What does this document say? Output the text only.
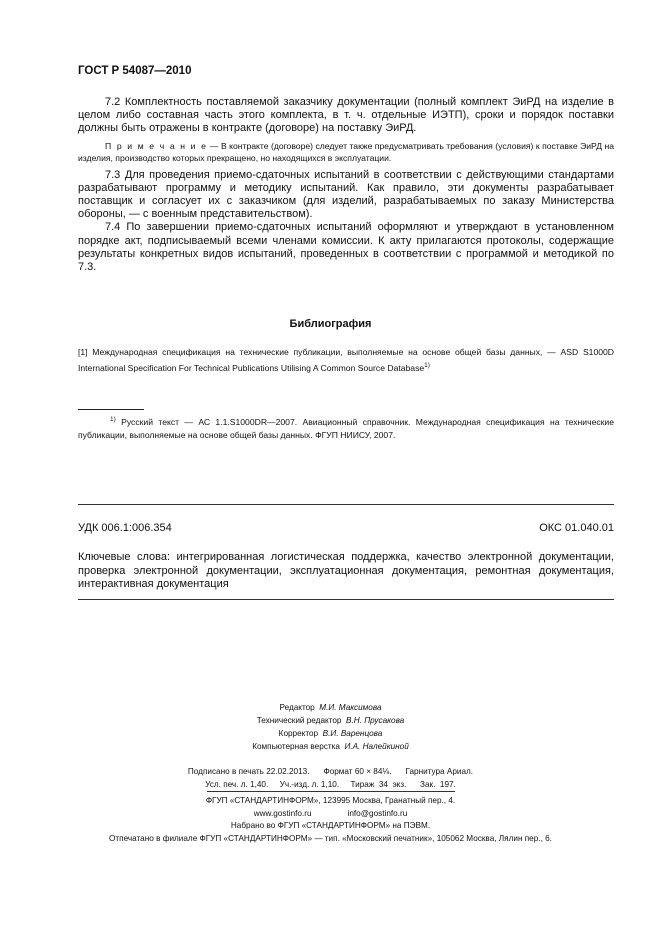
ГОСТ Р 54087—2010

7.2 Комплектность поставляемой заказчику документации (полный комплект ЭиРД на изделие в целом либо составная часть этого комплекта, в т. ч. отдельные ИЭТП), сроки и порядок поставки должны быть отражены в контракте (договоре) на поставку ЭиРД.

П р и м е ч а н и е — В контракте (договоре) следует также предусматривать требования (условия) к поставке ЭиРД на изделия, производство которых прекращено, но находящихся в эксплуатации.

7.3 Для проведения приемо-сдаточных испытаний в соответствии с действующими стандартами разрабатывают программу и методику испытаний. Как правило, эти документы разрабатывает поставщик и согласует их с заказчиком (для изделий, разрабатываемых по заказу Министерства обороны, — с военным представительством).

7.4 По завершении приемо-сдаточных испытаний оформляют и утверждают в установленном порядке акт, подписываемый всеми членами комиссии. К акту прилагаются протоколы, содержащие результаты конкретных видов испытаний, проведенных в соответствии с программой и методикой по 7.3.

Библиография

[1] Международная спецификация на технические публикации, выполняемые на основе общей базы данных, — ASD S1000D International Specification For Technical Publications Utilising A Common Source Database$^{1)}$

$^{1)}$ Русский текст — АС 1.1.S1000DR—2007. Авиационный справочник. Международная спецификация на технические публикации, выполняемые на основе общей базы данных. ФГУП НИИСУ, 2007.

УДК 006.1:006.354	ОКС 01.040.01

Ключевые слова: интегрированная логистическая поддержка, качество электронной документации, проверка электронной документации, эксплуатационная документация, ремонтная документация, интерактивная документация

Редактор М.И. Максимова
Технический редактор В.Н. Прусакова
Корректор В.И. Варенцова
Компьютерная верстка И.А. Налейкиной
Подписано в печать 22.02.2013. Формат 60 × 84⅛. Гарнитура Ариал.
Усл. печ. л. 1,40.     Уч.-изд. л. 1,10.     Тираж  34  экз.      Зак.  197.
ФГУП «СТАНДАРТИНФОРМ», 123995 Москва, Гранатный пер., 4.
www.gostinfo.ru	info@gostinfo.ru
Набрано во ФГУП «СТАНДАРТИНФОРМ» на ПЭВМ.
Отпечатано в филиале ФГУП «СТАНДАРТИНФОРМ» — тип. «Московский печатник», 105062 Москва, Лялин пер., 6.
